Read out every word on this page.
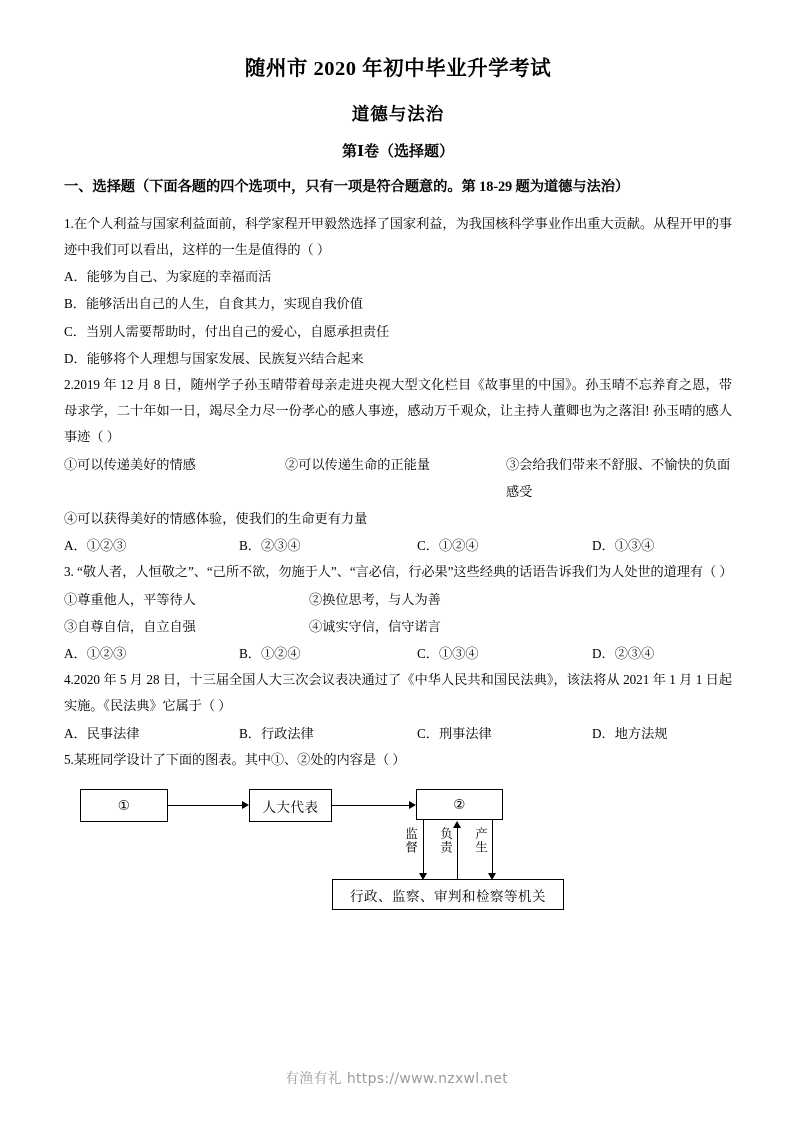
随州市 2020 年初中毕业升学考试
道德与法治
第Ⅰ卷（选择题）

一、选择题（下面各题的四个选项中，只有一项是符合题意的。第 18-29 题为道德与法治）

1.在个人利益与国家利益面前，科学家程开甲毅然选择了国家利益，为我国核科学事业作出重大贡献。从程开甲的事迹中我们可以看出，这样的一生是值得的（ ）

A．能够为自己、为家庭的幸福而活

B．能够活出自己的人生，自食其力，实现自我价值

C．当别人需要帮助时，付出自己的爱心，自愿承担责任

D．能够将个人理想与国家发展、民族复兴结合起来

2.2019 年 12 月 8 日，随州学子孙玉晴带着母亲走进央视大型文化栏目《故事里的中国》。孙玉晴不忘养育之恩，带母求学，二十年如一日，竭尽全力尽一份孝心的感人事迹，感动万千观众，让主持人董卿也为之落泪! 孙玉晴的感人事迹（ ）

①可以传递美好的情感	②可以传递生命的正能量	③会给我们带来不舒服、不愉快的负面感受

④可以获得美好的情感体验，使我们的生命更有力量

A．①②③	B．②③④	C．①②④	D．①③④

3. “敬人者，人恒敬之”、“己所不欲，勿施于人”、“言必信，行必果”这些经典的话语告诉我们为人处世的道理有（ ）

①尊重他人，平等待人	②换位思考，与人为善
③自尊自信，自立自强	④诚实守信，信守诺言
A．①②③	B．①②④	C．①③④	D．②③④

4.2020 年 5 月 28 日，十三届全国人大三次会议表决通过了《中华人民共和国民法典》，该法将从 2021 年 1 月 1 日起实施。《民法典》它属于（ ）

A．民事法律	B．行政法律	C．刑事法律	D．地方法规

5.某班同学设计了下面的图表。其中①、②处的内容是（ ）

①	人大代表	②
行政、监察、审判和检察等机关
监督 负责 产生
有渔有礼 https://www.nzxwl.net
